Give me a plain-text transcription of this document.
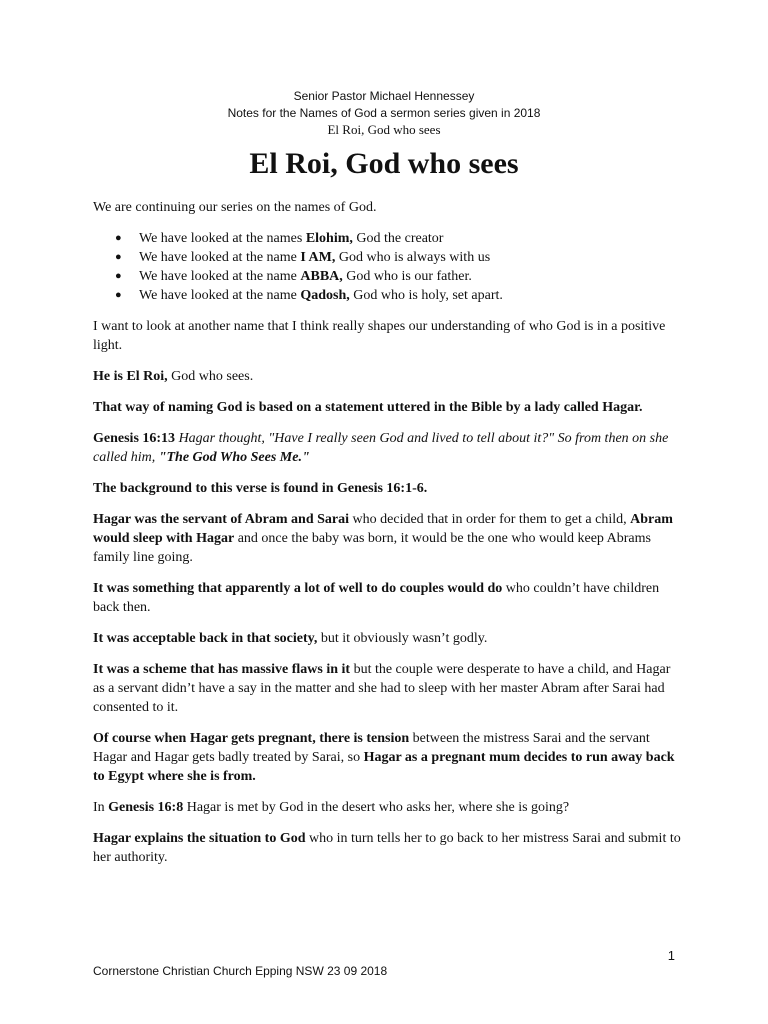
Senior Pastor Michael Hennessey
Notes for the Names of God a sermon series given in 2018
El Roi, God who sees
El Roi, God who sees

We are continuing our series on the names of God.

● We have looked at the names Elohim, God the creator
● We have looked at the name I AM, God who is always with us
● We have looked at the name ABBA, God who is our father.
● We have looked at the name Qadosh, God who is holy, set apart.

I want to look at another name that I think really shapes our understanding of who God is in a positive light.

He is El Roi, God who sees.

That way of naming God is based on a statement uttered in the Bible by a lady called Hagar.

Genesis 16:13 Hagar thought, "Have I really seen God and lived to tell about it?" So from then on she called him, "The God Who Sees Me."

The background to this verse is found in Genesis 16:1-6.

Hagar was the servant of Abram and Sarai who decided that in order for them to get a child, Abram would sleep with Hagar and once the baby was born, it would be the one who would keep Abrams family line going.

It was something that apparently a lot of well to do couples would do who couldn’t have children back then.

It was acceptable back in that society, but it obviously wasn’t godly.

It was a scheme that has massive flaws in it but the couple were desperate to have a child, and Hagar as a servant didn’t have a say in the matter and she had to sleep with her master Abram after Sarai had consented to it.

Of course when Hagar gets pregnant, there is tension between the mistress Sarai and the servant Hagar and Hagar gets badly treated by Sarai, so Hagar as a pregnant mum decides to run away back to Egypt where she is from.

In Genesis 16:8 Hagar is met by God in the desert who asks her, where she is going?

Hagar explains the situation to God who in turn tells her to go back to her mistress Sarai and submit to her authority.

1
Cornerstone Christian Church Epping NSW 23 09 2018
